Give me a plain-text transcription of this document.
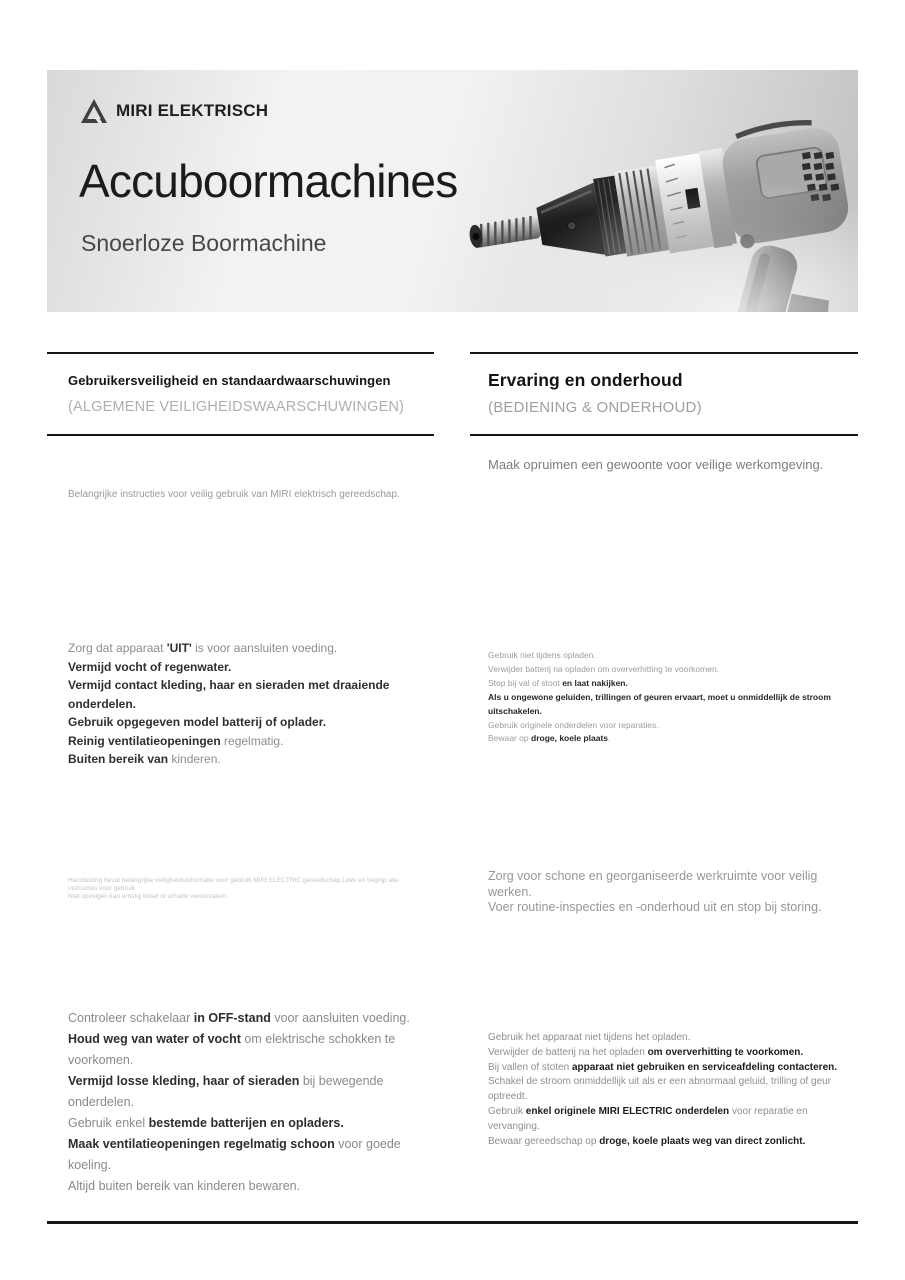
MIRI ELEKTRISCH
Accuboormachines
Snoerloze Boormachine
Gebruikersveiligheid en standaardwaarschuwingen
(ALGEMENE VEILIGHEIDSWAARSCHUWINGEN)
Belangrijke instructies voor veilig gebruik van MIRI elektrisch gereedschap.
Zorg dat apparaat 'UIT' is voor aansluiten voeding.
Vermijd vocht of regenwater.
Vermijd contact kleding, haar en sieraden met draaiende onderdelen.
Gebruik opgegeven model batterij of oplader.
Reinig ventilatieopeningen regelmatig.
Buiten bereik van kinderen.
Handleiding bevat belangrijke veiligheidsinformatie voor gebruik MIRI ELECTRIC gereedschap.Lees en begrijp alle instructies voor gebruik.
Niet opvolgen kan ernstig letsel of schade veroorzaken.
Controleer schakelaar in OFF-stand voor aansluiten voeding.
Houd weg van water of vocht om elektrische schokken te voorkomen.
Vermijd losse kleding, haar of sieraden bij bewegende onderdelen.
Gebruik enkel bestemde batterijen en opladers.
Maak ventilatieopeningen regelmatig schoon voor goede koeling.
Altijd buiten bereik van kinderen bewaren.
Ervaring en onderhoud
(BEDIENING & ONDERHOUD)
Maak opruimen een gewoonte voor veilige werkomgeving.
Gebruik niet tijdens opladen.
Verwijder batterij na opladen om oververhitting te voorkomen.
Stop bij val of stoot en laat nakijken.
Als u ongewone geluiden, trillingen of geuren ervaart, moet u onmiddellijk de stroom uitschakelen.
Gebruik originele onderdelen voor reparaties.
Bewaar op droge, koele plaats.
Zorg voor schone en georganiseerde werkruimte voor veilig werken.
Voer routine-inspecties en -onderhoud uit en stop bij storing.
Gebruik het apparaat niet tijdens het opladen.
Verwijder de batterij na het opladen om oververhitting te voorkomen.
Bij vallen of stoten apparaat niet gebruiken en serviceafdeling contacteren.
Schakel de stroom onmiddellijk uit als er een abnormaal geluid, trilling of geur optreedt.
Gebruik enkel originele MIRI ELECTRIC onderdelen voor reparatie en vervanging.
Bewaar gereedschap op droge, koele plaats weg van direct zonlicht.
